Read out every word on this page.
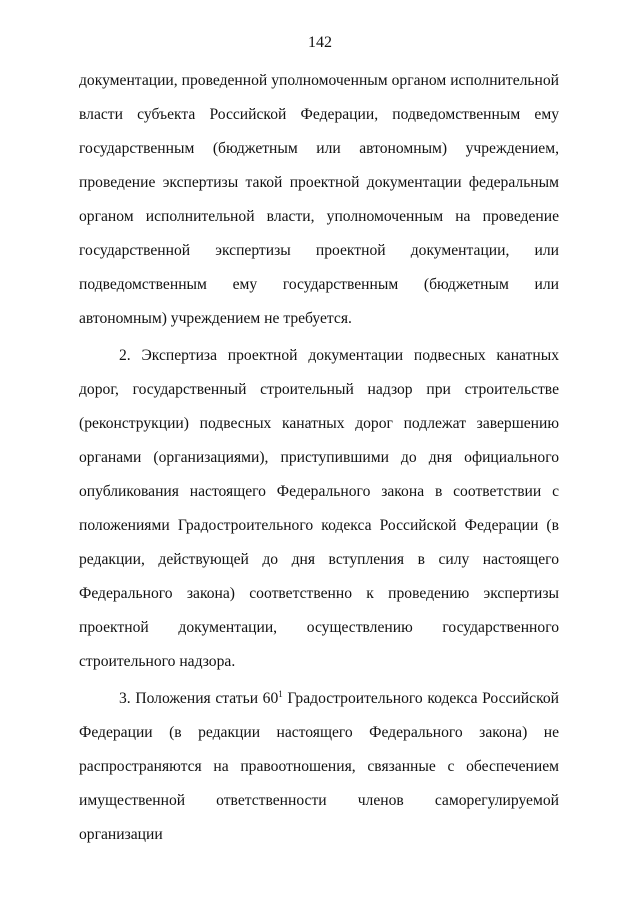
142

документации, проведенной уполномоченным органом исполнительной власти субъекта Российской Федерации, подведомственным ему государственным (бюджетным или автономным) учреждением, проведение экспертизы такой проектной документации федеральным органом исполнительной власти, уполномоченным на проведение государственной экспертизы проектной документации, или подведомственным ему государственным (бюджетным или автономным) учреждением не требуется.

2. Экспертиза проектной документации подвесных канатных дорог, государственный строительный надзор при строительстве (реконструкции) подвесных канатных дорог подлежат завершению органами (организациями), приступившими до дня официального опубликования настоящего Федерального закона в соответствии с положениями Градостроительного кодекса Российской Федерации (в редакции, действующей до дня вступления в силу настоящего Федерального закона) соответственно к проведению экспертизы проектной документации, осуществлению государственного строительного надзора.

3. Положения статьи $60^1$ Градостроительного кодекса Российской Федерации (в редакции настоящего Федерального закона) не распространяются на правоотношения, связанные с обеспечением имущественной ответственности членов саморегулируемой организации
